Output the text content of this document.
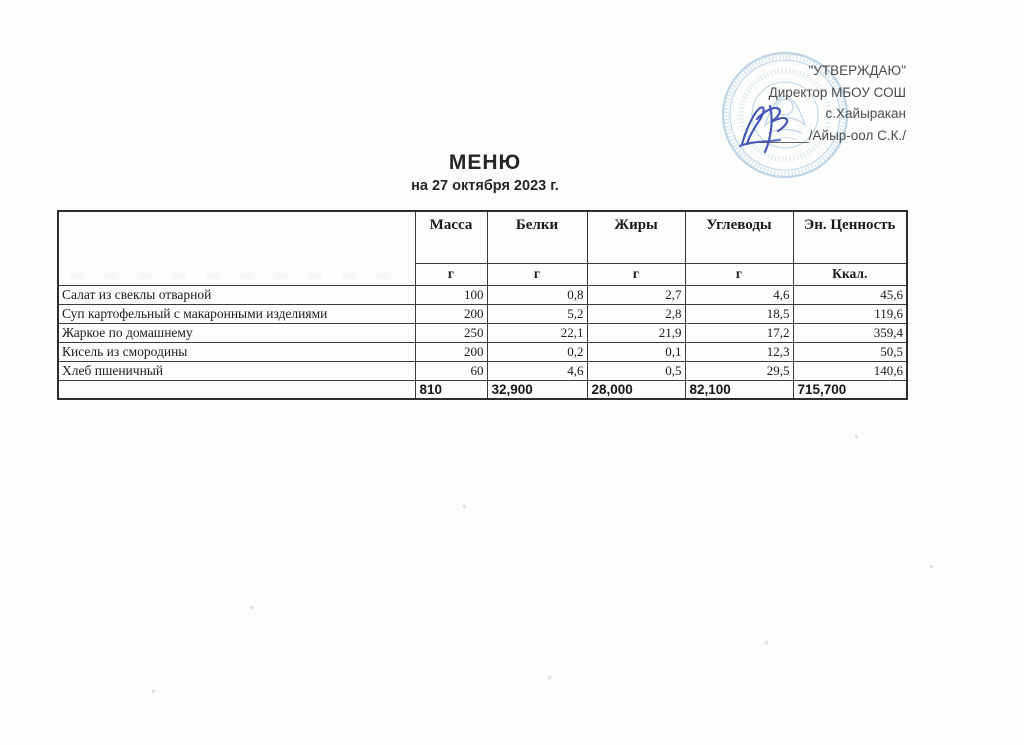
"УТВЕРЖДАЮ"
Директор МБОУ СОШ
с.Хайыракан
________/Айыр-оол С.К./
МЕНЮ
на 27 октября 2023 г.
	Масса	Белки	Жиры	Углеводы	Эн. Ценность
	г	г	г	г	Ккал.
Салат из свеклы отварной	100	0,8	2,7	4,6	45,6
Суп картофельный с макаронными изделиями	200	5,2	2,8	18,5	119,6
Жаркое по домашнему	250	22,1	21,9	17,2	359,4
Кисель из смородины	200	0,2	0,1	12,3	50,5
Хлеб пшеничный	60	4,6	0,5	29,5	140,6
	810	32,900	28,000	82,100	715,700
